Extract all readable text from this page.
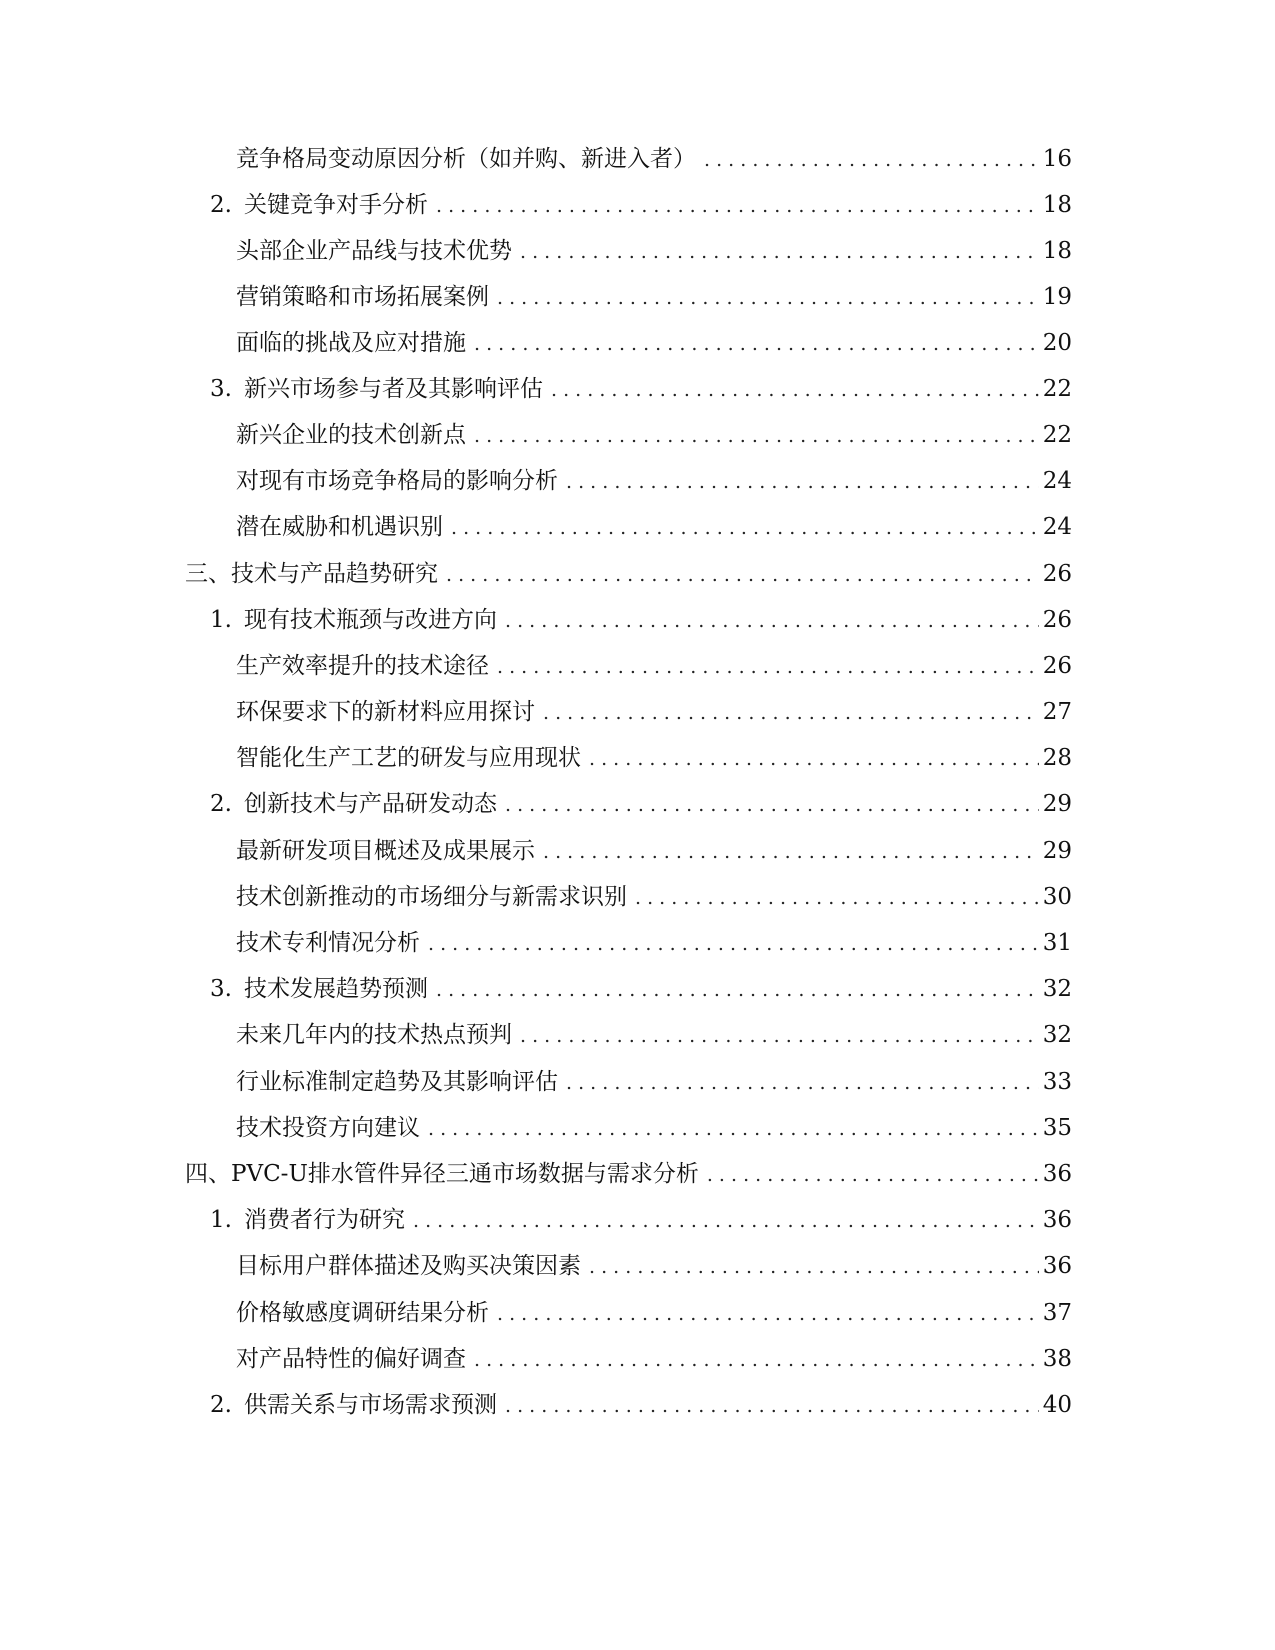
竞争格局变动原因分析（如并购、新进入者） . . .	16
2. 关键竞争对手分析 . . .	18
头部企业产品线与技术优势 . . .	18
营销策略和市场拓展案例 . . .	19
面临的挑战及应对措施 . . .	20
3. 新兴市场参与者及其影响评估 . . .	22
新兴企业的技术创新点 . . .	22
对现有市场竞争格局的影响分析 . . .	24
潜在威胁和机遇识别 . . .	24
三、技术与产品趋势研究 . . .	26
1. 现有技术瓶颈与改进方向 . . .	26
生产效率提升的技术途径 . . .	26
环保要求下的新材料应用探讨 . . .	27
智能化生产工艺的研发与应用现状 . . .	28
2. 创新技术与产品研发动态 . . .	29
最新研发项目概述及成果展示 . . .	29
技术创新推动的市场细分与新需求识别 . . .	30
技术专利情况分析 . . .	31
3. 技术发展趋势预测 . . .	32
未来几年内的技术热点预判 . . .	32
行业标准制定趋势及其影响评估 . . .	33
技术投资方向建议 . . .	35
四、PVC-U排水管件异径三通市场数据与需求分析 . . .	36
1. 消费者行为研究 . . .	36
目标用户群体描述及购买决策因素 . . .	36
价格敏感度调研结果分析 . . .	37
对产品特性的偏好调查 . . .	38
2. 供需关系与市场需求预测 . . .	40
